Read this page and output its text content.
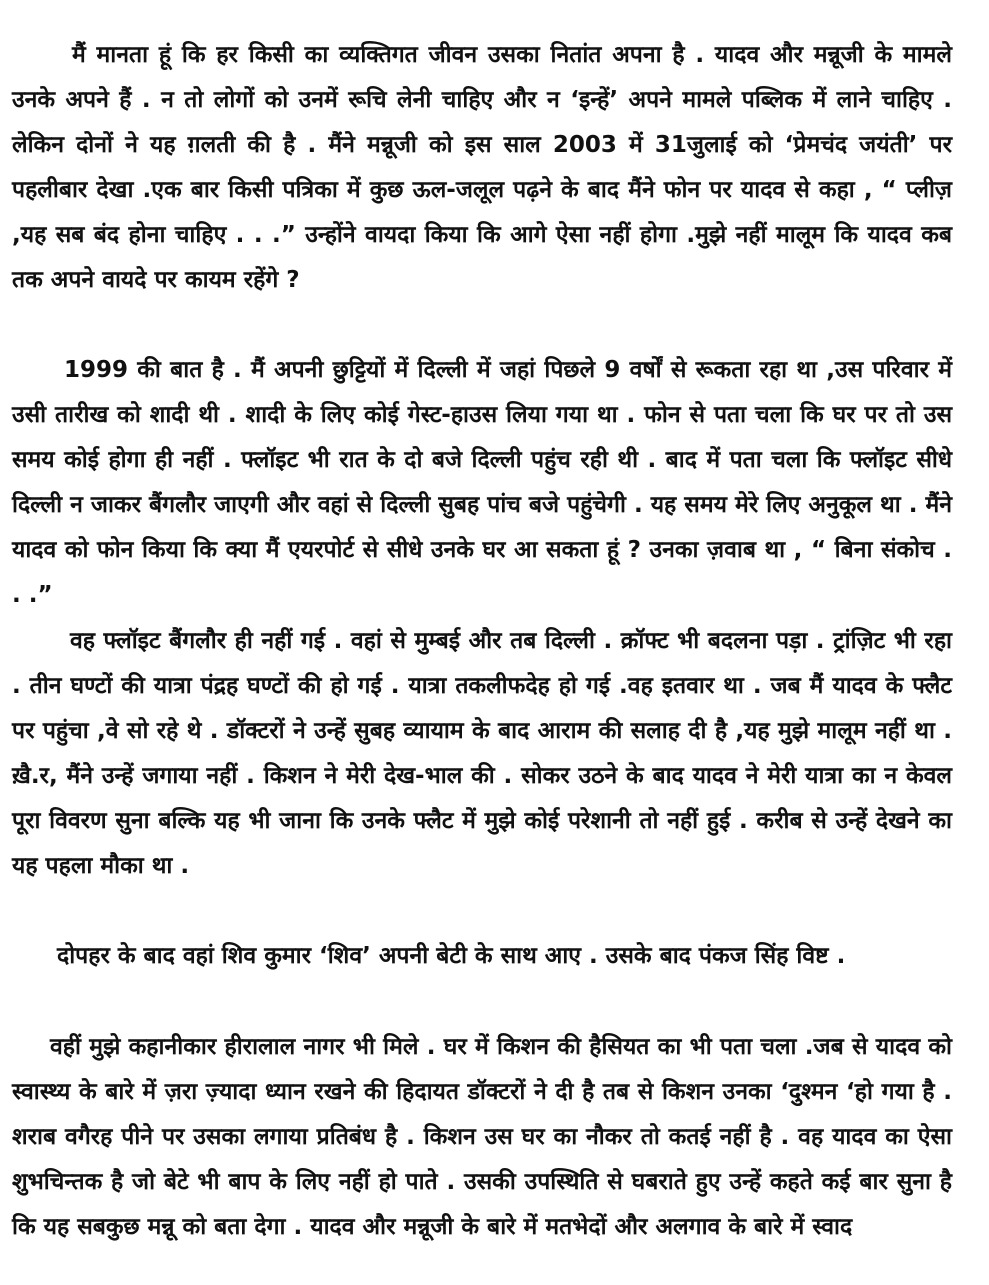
मैं मानता हूं कि हर किसी का व्यक्तिगत जीवन उसका नितांत अपना है . यादव और मन्नूजी के मामले उनके अपने हैं . न तो लोगों को उनमें रूचि लेनी चाहिए और न ‘इन्हें’ अपने मामले पब्लिक में लाने चाहिए . लेकिन दोनों ने यह ग़लती की है . मैंने मन्नूजी को इस साल 2003 में 31जुलाई को ‘प्रेमचंद जयंती’ पर पहलीबार देखा .एक बार किसी पत्रिका में कुछ ऊल-जलूल पढ़ने के बाद मैंने फोन पर यादव से कहा , “ प्लीज़ ,यह सब बंद होना चाहिए . . .” उन्होंने वायदा किया कि आगे ऐसा नहीं होगा .मुझे नहीं मालूम कि यादव कब तक अपने वायदे पर कायम रहेंगे ?

1999 की बात है . मैं अपनी छुट्टियों में दिल्ली में जहां पिछले 9 वर्षों से रूकता रहा था ,उस परिवार में उसी तारीख को शादी थी . शादी के लिए कोई गेस्ट-हाउस लिया गया था . फोन से पता चला कि घर पर तो उस समय कोई होगा ही नहीं . फ्लॉइट भी रात के दो बजे दिल्ली पहुंच रही थी . बाद में पता चला कि फ्लॉइट सीधे दिल्ली न जाकर बैंगलौर जाएगी और वहां से दिल्ली सुबह पांच बजे पहुंचेगी . यह समय मेरे लिए अनुकूल था . मैंने यादव को फोन किया कि क्या मैं एयरपोर्ट से सीधे उनके घर आ सकता हूं ? उनका ज़वाब था , “ बिना संकोच . . .”

वह फ्लॉइट बैंगलौर ही नहीं गई . वहां से मुम्बई और तब दिल्ली . क्रॉफ्ट भी बदलना पड़ा . ट्रांज़िट भी रहा . तीन घण्टों की यात्रा पंद्रह घण्टों की हो गई . यात्रा तकलीफदेह हो गई .वह इतवार था . जब मैं यादव के फ्लैट पर पहुंचा ,वे सो रहे थे . डॉक्टरों ने उन्हें सुबह व्यायाम के बाद आराम की सलाह दी है ,यह मुझे मालूम नहीं था . ख़ै.र, मैंने उन्हें जगाया नहीं . किशन ने मेरी देख-भाल की . सोकर उठने के बाद यादव ने मेरी यात्रा का न केवल पूरा विवरण सुना बल्कि यह भी जाना कि उनके फ्लैट में मुझे कोई परेशानी तो नहीं हुई . करीब से उन्हें देखने का यह पहला मौका था .

दोपहर के बाद वहां शिव कुमार ‘शिव’ अपनी बेटी के साथ आए . उसके बाद पंकज सिंह विष्ट .

वहीं मुझे कहानीकार हीरालाल नागर भी मिले . घर में किशन की हैसियत का भी पता चला .जब से यादव को स्वास्थ्य के बारे में ज़रा ज़्यादा ध्यान रखने की हिदायत डॉक्टरों ने दी है तब से किशन उनका ‘दुश्मन ‘हो गया है . शराब वगैरह पीने पर उसका लगाया प्रतिबंध है . किशन उस घर का नौकर तो कतई नहीं है . वह यादव का ऐसा शुभचिन्तक है जो बेटे भी बाप के लिए नहीं हो पाते . उसकी उपस्थिति से घबराते हुए उन्हें कहते कई बार सुना है कि यह सबकुछ मन्नू को बता देगा . यादव और मन्नूजी के बारे में मतभेदों और अलगाव के बारे में स्वाद
